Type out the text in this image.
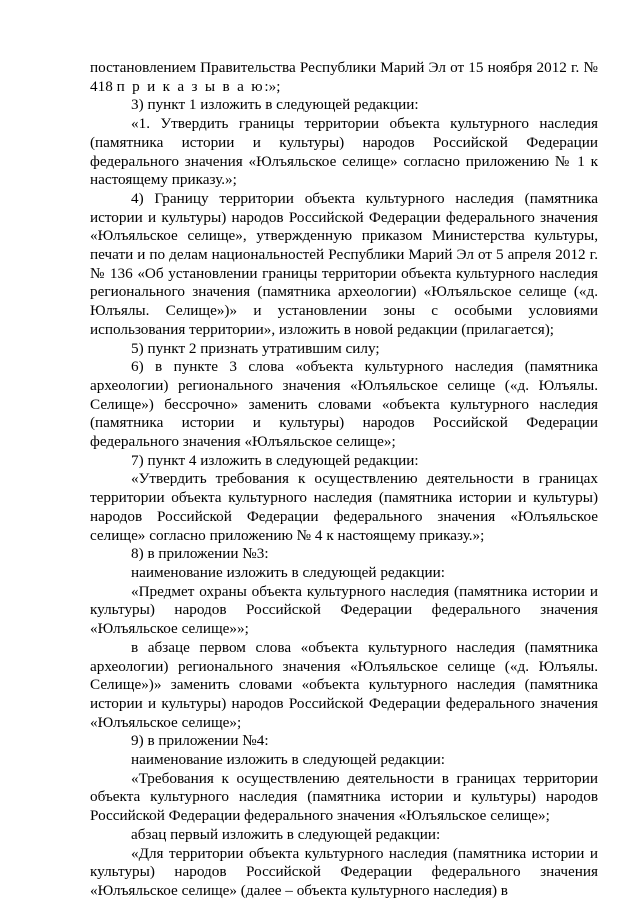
постановлением Правительства Республики Марий Эл от 15 ноября 2012 г. № 418 п р и к а з ы в а ю:»;

3) пункт 1 изложить в следующей редакции:

«1. Утвердить границы территории объекта культурного наследия (памятника истории и культуры) народов Российской Федерации федерального значения «Юлъяльское селище» согласно приложению № 1 к настоящему приказу.»;

4) Границу территории объекта культурного наследия (памятника истории и культуры) народов Российской Федерации федерального значения «Юлъяльское селище», утвержденную приказом Министерства культуры, печати и по делам национальностей Республики Марий Эл от 5 апреля 2012 г. № 136 «Об установлении границы территории объекта культурного наследия регионального значения (памятника археологии) «Юлъяльское селище («д. Юлъялы. Селище»)» и установлении зоны с особыми условиями использования территории», изложить в новой редакции (прилагается);

5) пункт 2 признать утратившим силу;

6) в пункте 3 слова «объекта культурного наследия (памятника археологии) регионального значения «Юлъяльское селище («д. Юлъялы. Селище») бессрочно» заменить словами «объекта культурного наследия (памятника истории и культуры) народов Российской Федерации федерального значения «Юлъяльское селище»;

7) пункт 4 изложить в следующей редакции:

«Утвердить требования к осуществлению деятельности в границах территории объекта культурного наследия (памятника истории и культуры) народов Российской Федерации федерального значения «Юлъяльское селище» согласно приложению № 4 к настоящему приказу.»;

8) в приложении №3:

наименование изложить в следующей редакции:

«Предмет охраны объекта культурного наследия (памятника истории и культуры) народов Российской Федерации федерального значения «Юлъяльское селище»»;

в абзаце первом слова «объекта культурного наследия (памятника археологии) регионального значения «Юлъяльское селище («д. Юлъялы. Селище»)» заменить словами «объекта культурного наследия (памятника истории и культуры) народов Российской Федерации федерального значения «Юлъяльское селище»;

9) в приложении №4:

наименование изложить в следующей редакции:

«Требования к осуществлению деятельности в границах территории объекта культурного наследия (памятника истории и культуры) народов Российской Федерации федерального значения «Юлъяльское селище»;

абзац первый изложить в следующей редакции:

«Для территории объекта культурного наследия (памятника истории и культуры) народов Российской Федерации федерального значения «Юлъяльское селище» (далее – объекта культурного наследия) в
